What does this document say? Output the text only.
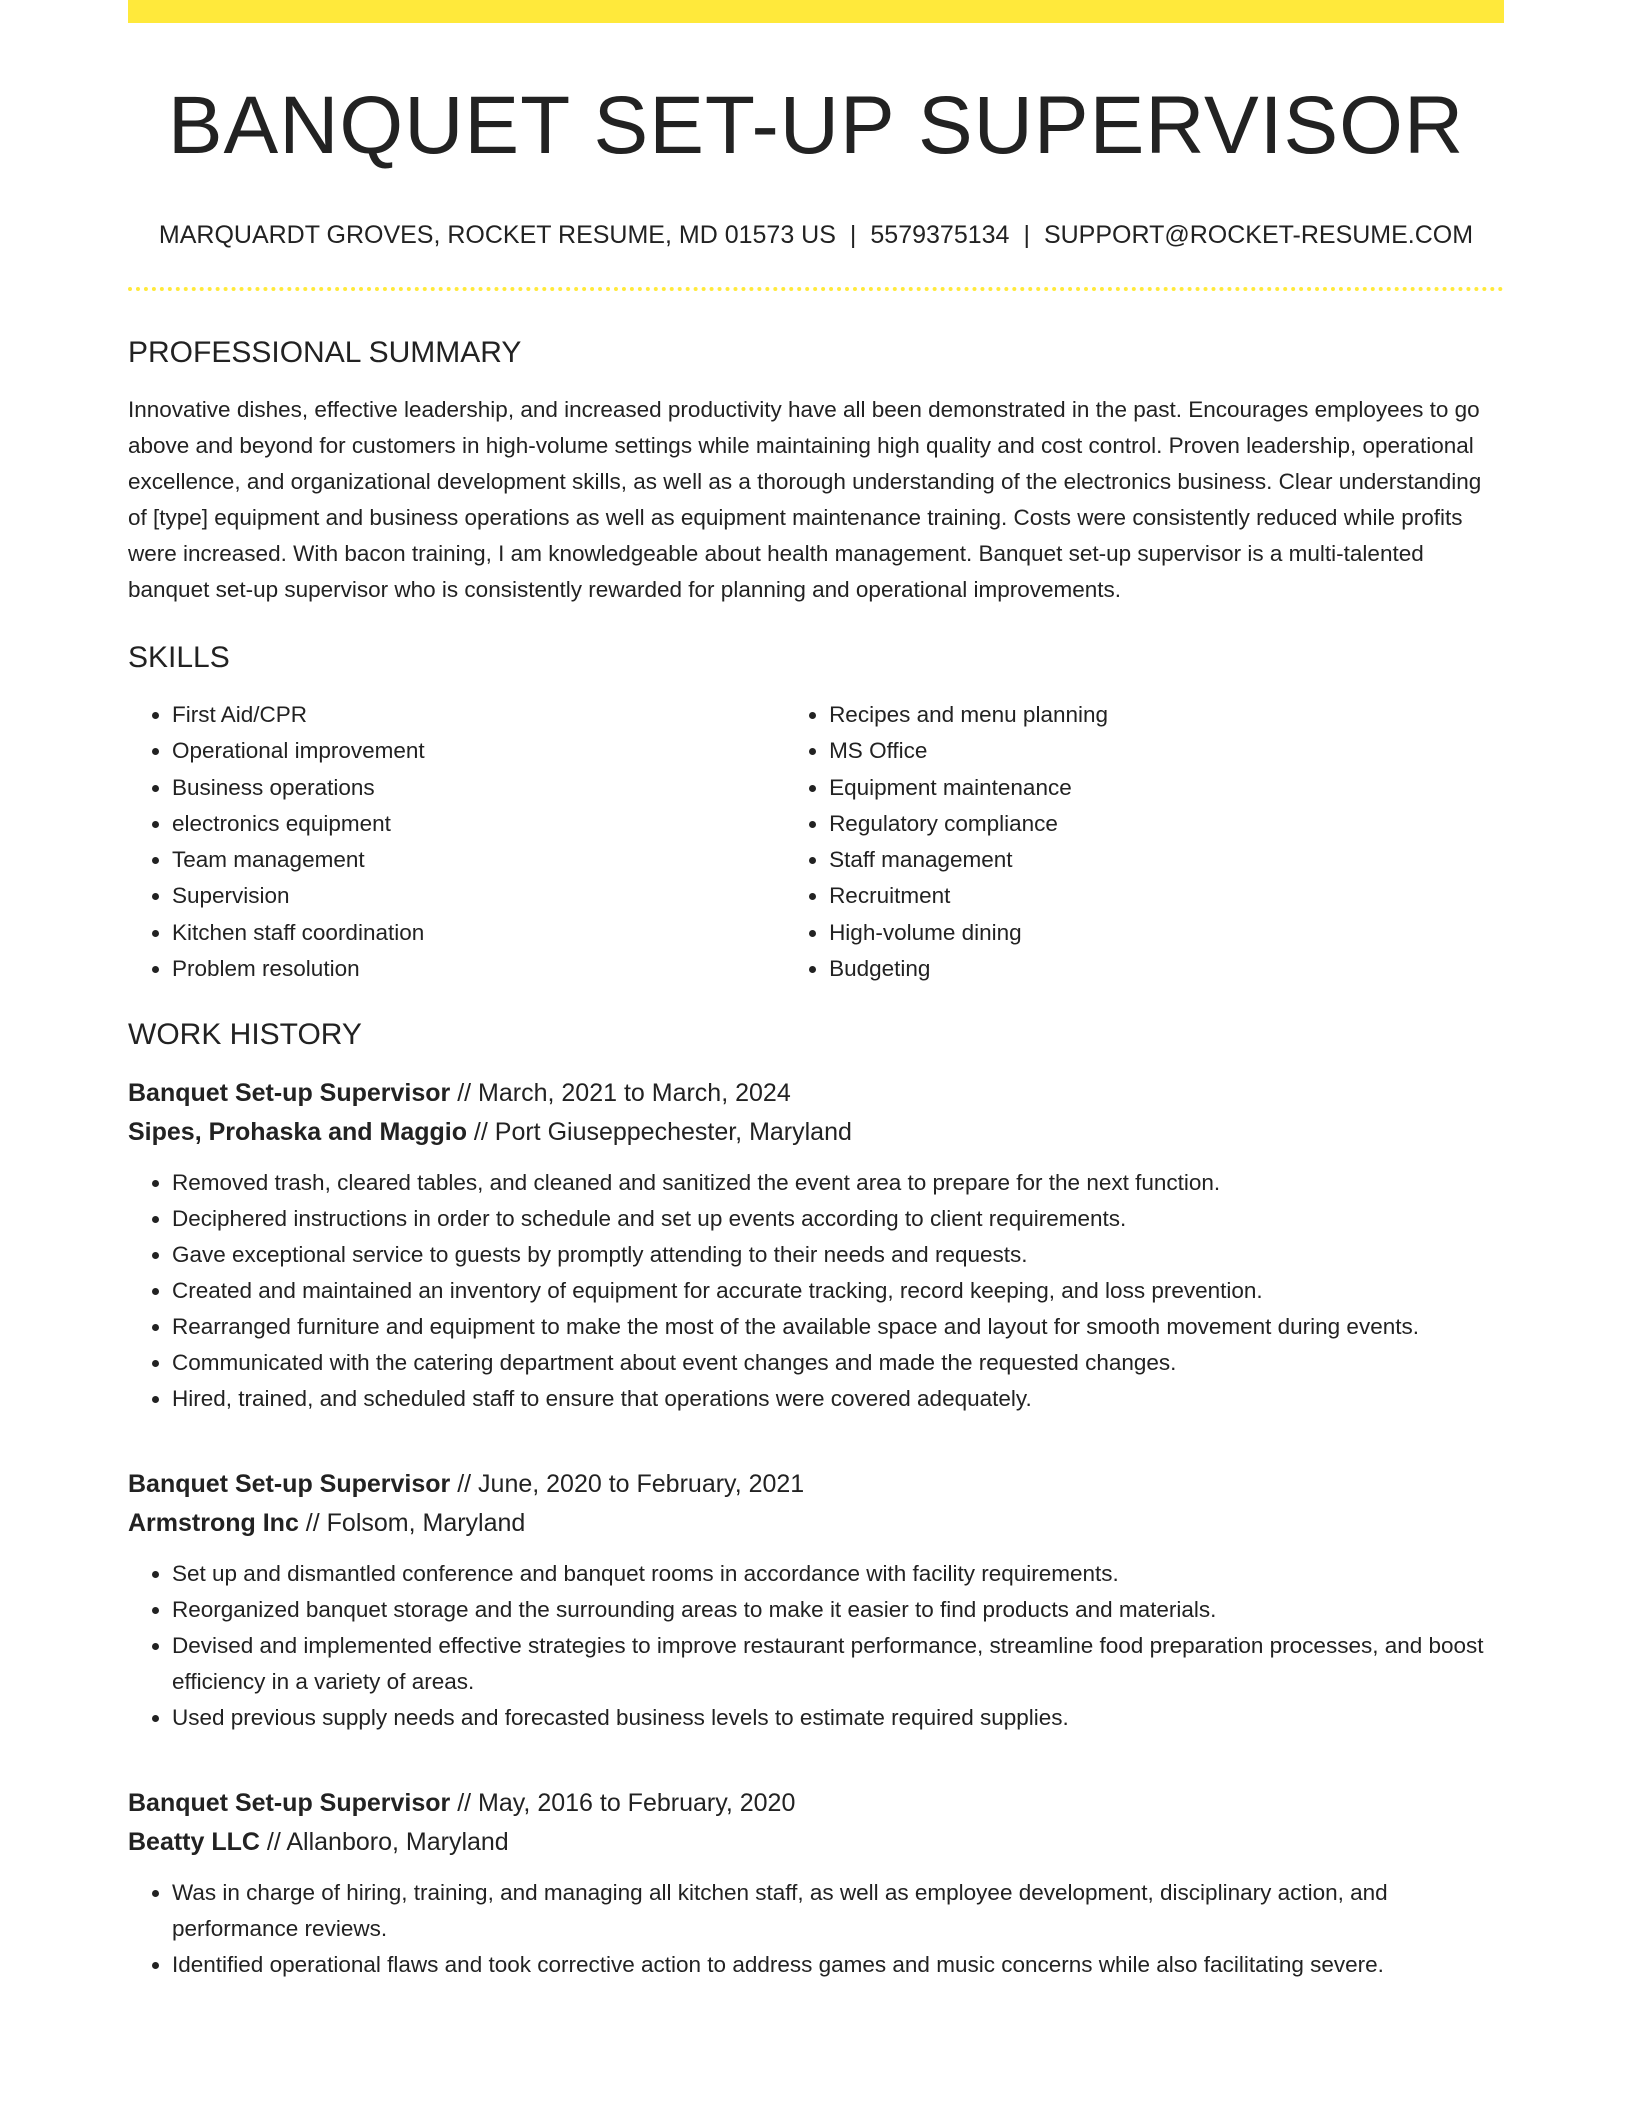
BANQUET SET-UP SUPERVISOR
MARQUARDT GROVES, ROCKET RESUME, MD 01573 US | 5579375134 | SUPPORT@ROCKET-RESUME.COM
PROFESSIONAL SUMMARY

Innovative dishes, effective leadership, and increased productivity have all been demonstrated in the past. Encourages employees to go above and beyond for customers in high-volume settings while maintaining high quality and cost control. Proven leadership, operational excellence, and organizational development skills, as well as a thorough understanding of the electronics business. Clear understanding of [type] equipment and business operations as well as equipment maintenance training. Costs were consistently reduced while profits were increased. With bacon training, I am knowledgeable about health management. Banquet set-up supervisor is a multi-talented banquet set-up supervisor who is consistently rewarded for planning and operational improvements.

SKILLS
• First Aid/CPR
• Operational improvement
• Business operations
• electronics equipment
• Team management
• Supervision
• Kitchen staff coordination
• Problem resolution
• Recipes and menu planning
• MS Office
• Equipment maintenance
• Regulatory compliance
• Staff management
• Recruitment
• High-volume dining
• Budgeting
WORK HISTORY
Banquet Set-up Supervisor // March, 2021 to March, 2024
Sipes, Prohaska and Maggio // Port Giuseppechester, Maryland
• Removed trash, cleared tables, and cleaned and sanitized the event area to prepare for the next function.
• Deciphered instructions in order to schedule and set up events according to client requirements.
• Gave exceptional service to guests by promptly attending to their needs and requests.
• Created and maintained an inventory of equipment for accurate tracking, record keeping, and loss prevention.
• Rearranged furniture and equipment to make the most of the available space and layout for smooth movement during events.
• Communicated with the catering department about event changes and made the requested changes.
• Hired, trained, and scheduled staff to ensure that operations were covered adequately.
Banquet Set-up Supervisor // June, 2020 to February, 2021
Armstrong Inc // Folsom, Maryland
• Set up and dismantled conference and banquet rooms in accordance with facility requirements.
• Reorganized banquet storage and the surrounding areas to make it easier to find products and materials.
• Devised and implemented effective strategies to improve restaurant performance, streamline food preparation processes, and boost efficiency in a variety of areas.
• Used previous supply needs and forecasted business levels to estimate required supplies.
Banquet Set-up Supervisor // May, 2016 to February, 2020
Beatty LLC // Allanboro, Maryland
• Was in charge of hiring, training, and managing all kitchen staff, as well as employee development, disciplinary action, and performance reviews.
• Identified operational flaws and took corrective action to address games and music concerns while also facilitating severe.
